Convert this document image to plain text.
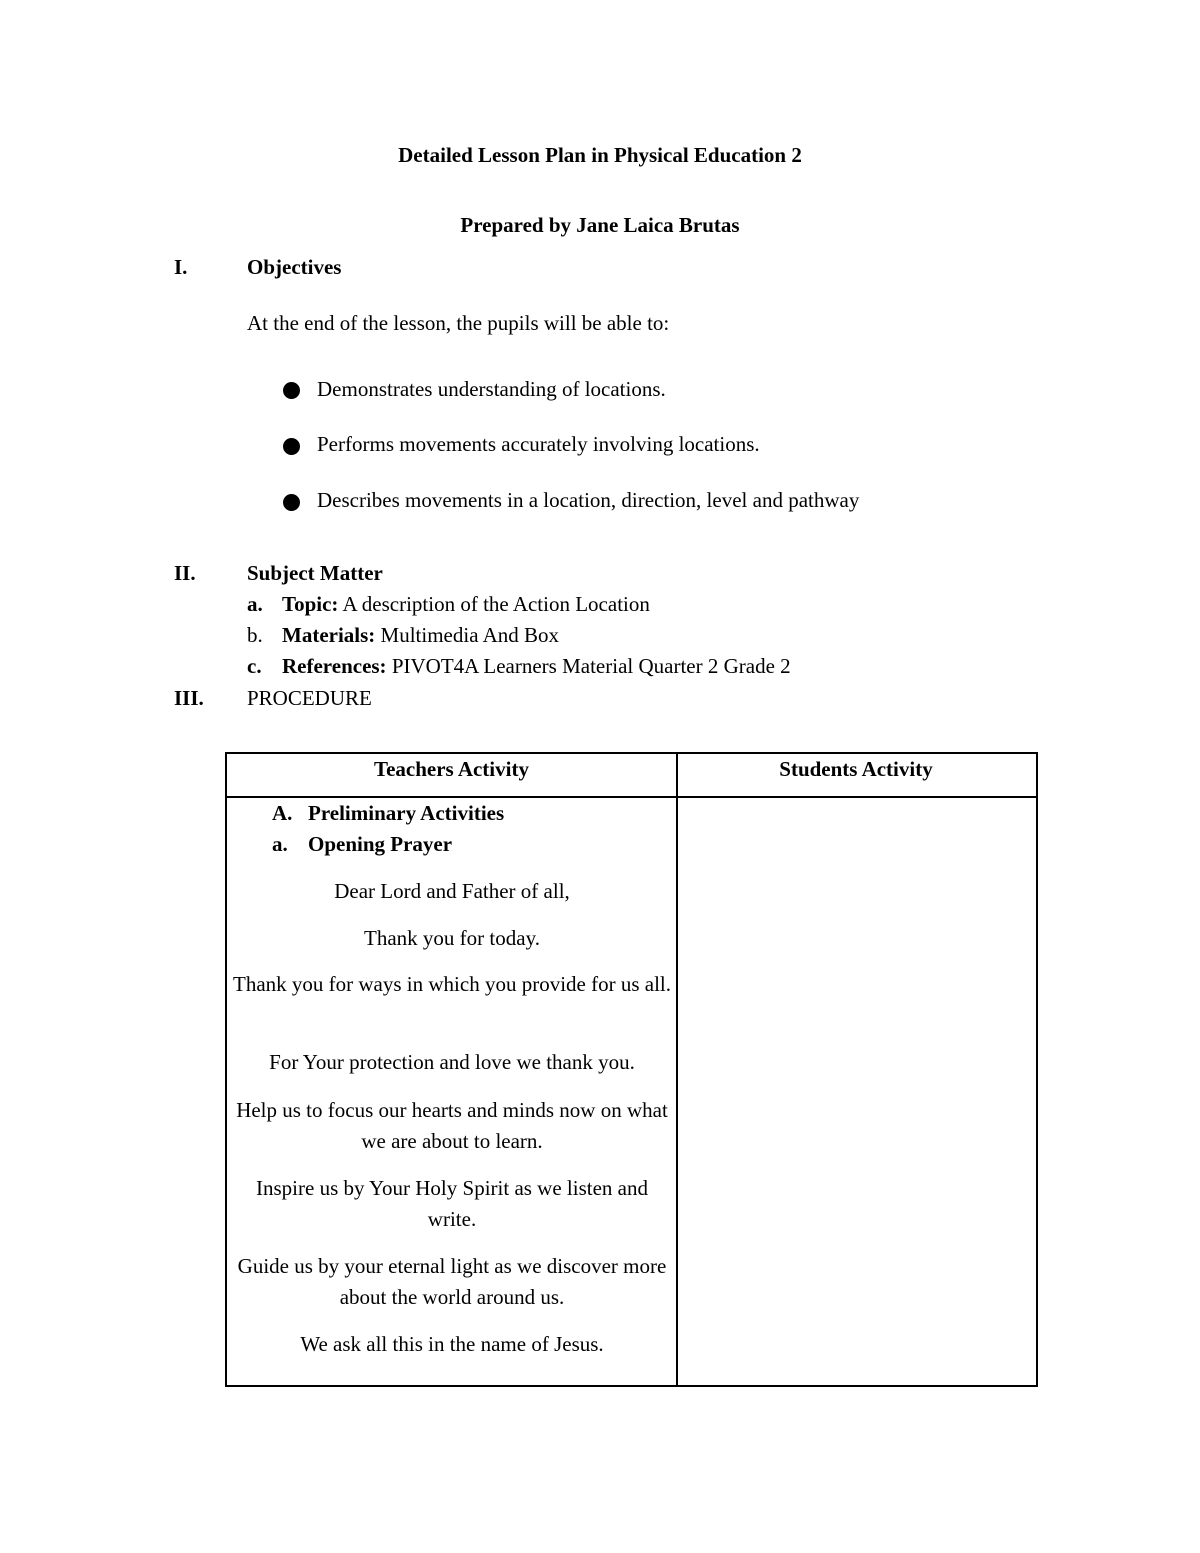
Detailed Lesson Plan in Physical Education 2
Prepared by Jane Laica Brutas
I.	Objectives
At the end of the lesson, the pupils will be able to:
Demonstrates understanding of locations.
Performs movements accurately involving locations.
Describes movements in a location, direction, level and pathway
II. Subject Matter
a. Topic: A description of the Action Location
b. Materials: Multimedia And Box
c. References: PIVOT4A Learners Material Quarter 2 Grade 2
III. PROCEDURE
Teachers Activity	Students Activity
A. Preliminary Activities
a. Opening Prayer
Dear Lord and Father of all,
Thank you for today.
Thank you for ways in which you provide for us all.
For Your protection and love we thank you.
Help us to focus our hearts and minds now on what we are about to learn.
Inspire us by Your Holy Spirit as we listen and write.
Guide us by your eternal light as we discover more about the world around us.
We ask all this in the name of Jesus.
